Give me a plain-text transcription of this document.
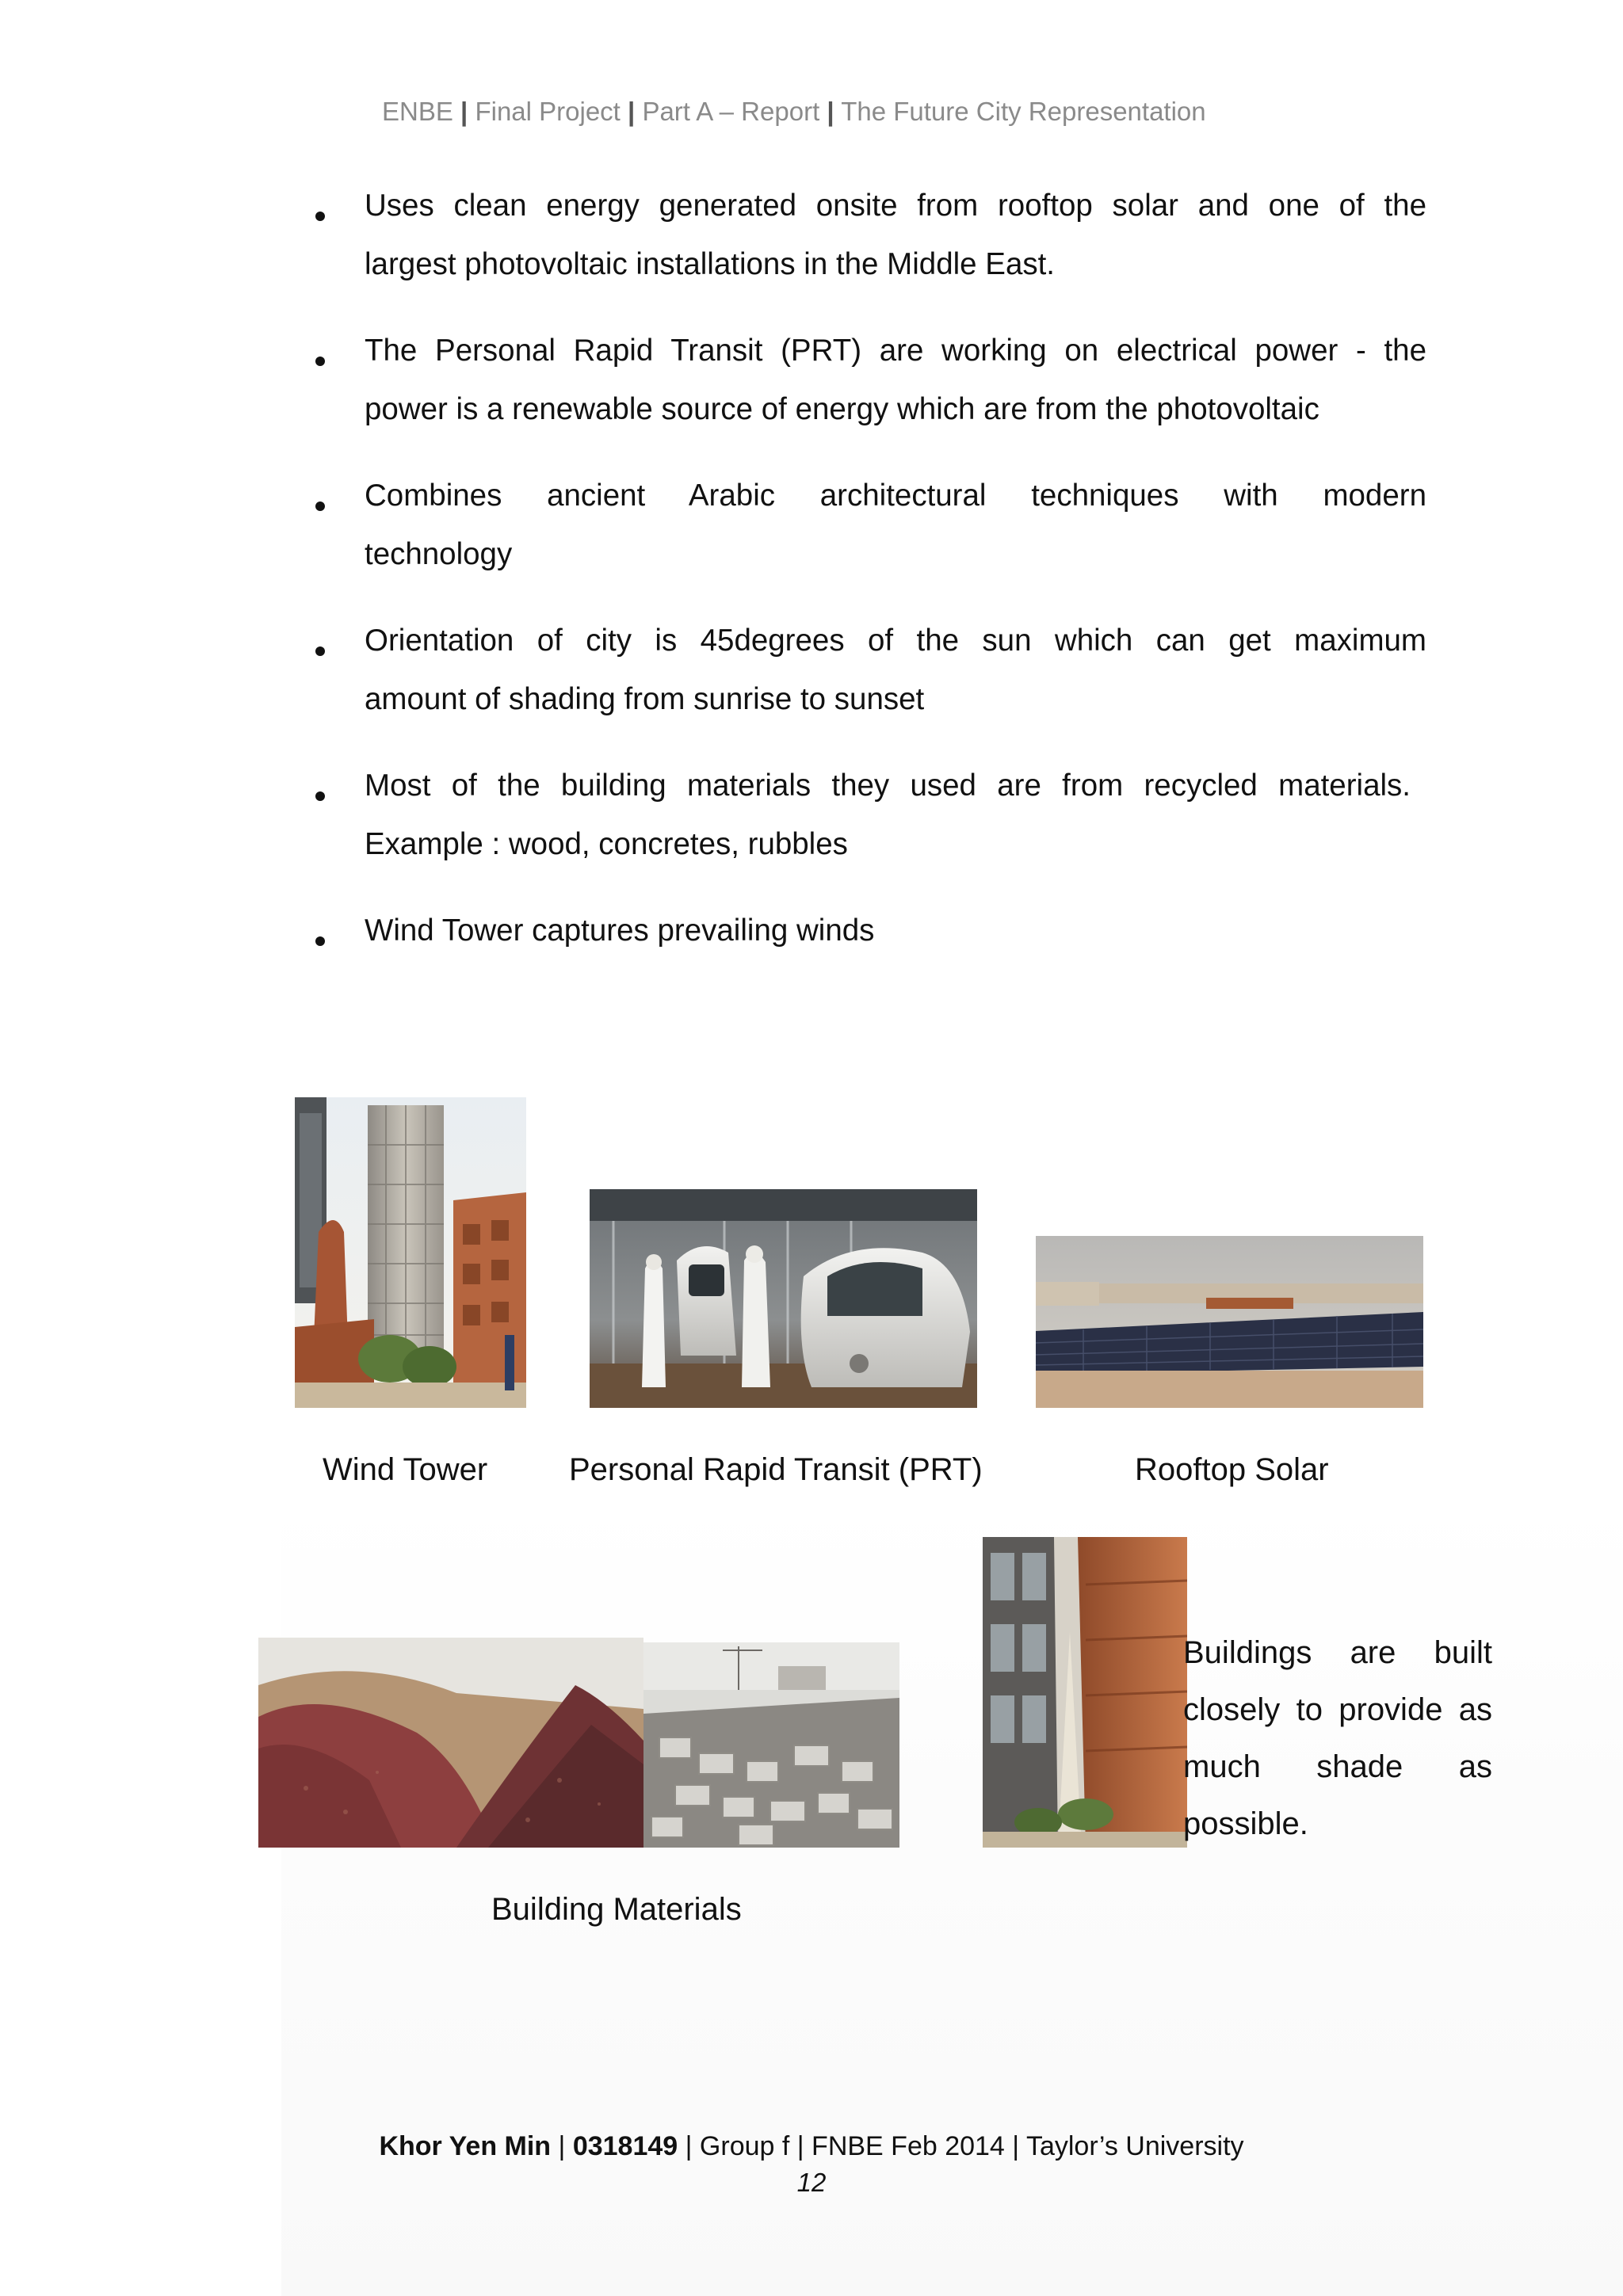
ENBE | Final Project | Part A – Report | The Future City Representation
Uses clean energy generated onsite from rooftop solar and one of the
largest photovoltaic installations in the Middle East.
The Personal Rapid Transit (PRT) are working on electrical power - the
power is a renewable source of energy which are from the photovoltaic
Combines ancient Arabic architectural techniques with modern
technology
Orientation of city is 45degrees of the sun which can get maximum
amount of shading from sunrise to sunset
Most of the building materials they used are from recycled materials.
Example : wood, concretes, rubbles
Wind Tower captures prevailing winds
Wind Tower	Personal Rapid Transit (PRT)	Rooftop Solar
Buildings are built
closely to provide as
much shade as
possible.
Building Materials
Khor Yen Min | 0318149 | Group f | FNBE Feb 2014 | Taylor’s University
12
